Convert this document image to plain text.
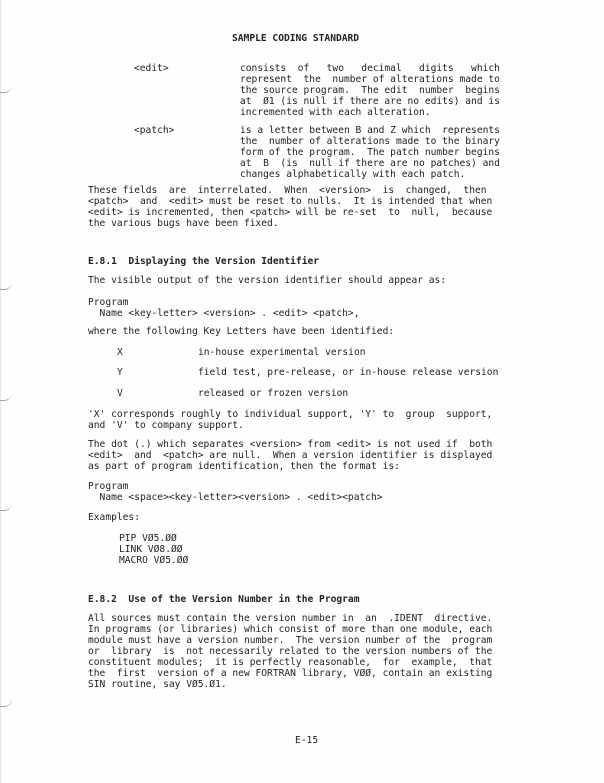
SAMPLE CODING STANDARD
<edit>	consists  of   two   decimal   digits   which
represent  the  number of alterations made to
the source program.  The edit  number  begins
at  Ø1 (is null if there are no edits) and is
incremented with each alteration.
<patch>	is a letter between B and Z which  represents
the  number of alterations made to the binary
form of the program.  The patch number begins
at  B  (is  null if there are no patches) and
changes alphabetically with each patch.
These fields  are  interrelated.  When  <version>  is  changed,  then
<patch>  and  <edit> must be reset to nulls.  It is intended that when
<edit> is incremented, then <patch> will be re-set  to  null,  because
the various bugs have been fixed.
E.8.1  Displaying the Version Identifier
The visible output of the version identifier should appear as:
Program
Name <key-letter> <version> . <edit> <patch>,
where the following Key Letters have been identified:
X	in-house experimental version
Y	field test, pre-release, or in-house release version
V	released or frozen version
'X' corresponds roughly to individual support, 'Y' to  group  support,
and 'V' to company support.
The dot (.) which separates <version> from <edit> is not used if  both
<edit>  and  <patch> are null.  When a version identifier is displayed
as part of program identification, then the format is:
Program
Name <space><key-letter><version> . <edit><patch>
Examples:
PIP VØ5.ØØ
LINK VØ8.ØØ
MACRO VØ5.ØØ
E.8.2  Use of the Version Number in the Program
All sources must contain the version number in  an  .IDENT  directive.
In programs (or libraries) which consist of more than one module, each
module must have a version number.  The version number of the  program
or  library  is  not necessarily related to the version numbers of the
constituent modules;  it is perfectly reasonable,  for  example,  that
the  first  version of a new FORTRAN library, VØØ, contain an existing
SIN routine, say VØ5.Ø1.
E-15
